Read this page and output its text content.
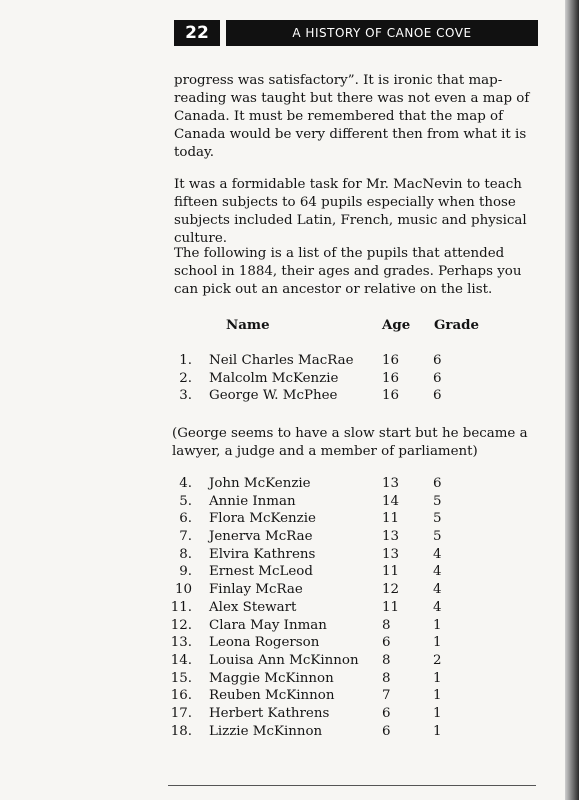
22	A HISTORY OF CANOE COVE

progress was satisfactory”. It is ironic that map-reading was taught but there was not even a map of Canada. It must be remembered that the map of Canada would be very different then from what it is today.

It was a formidable task for Mr. MacNevin to teach fifteen subjects to 64 pupils especially when those subjects included Latin, French, music and physical culture.

The following is a list of the pupils that attended school in 1884, their ages and grades. Perhaps you can pick out an ancestor or relative on the list.

Name	Age Grade
1. Neil Charles MacRae 16	6
2. Malcolm McKenzie	16	6
3. George W. McPhee	16	6

(George seems to have a slow start but he became a lawyer, a judge and a member of parliament)

4. John McKenzie	13	6
5. Annie Inman	14	5
6. Flora McKenzie	11	5
7. Jenerva McRae	13	5
8. Elvira Kathrens	13	4
9. Ernest McLeod	11	4
10 Finlay McRae	12	4
11. Alex Stewart	11	4
12. Clara May Inman	8	1
13. Leona Rogerson	6	1
14. Louisa Ann McKinnon 8	2
15. Maggie McKinnon	8	1
16. Reuben McKinnon	7	1
17. Herbert Kathrens	6	1
18. Lizzie McKinnon	6	1
